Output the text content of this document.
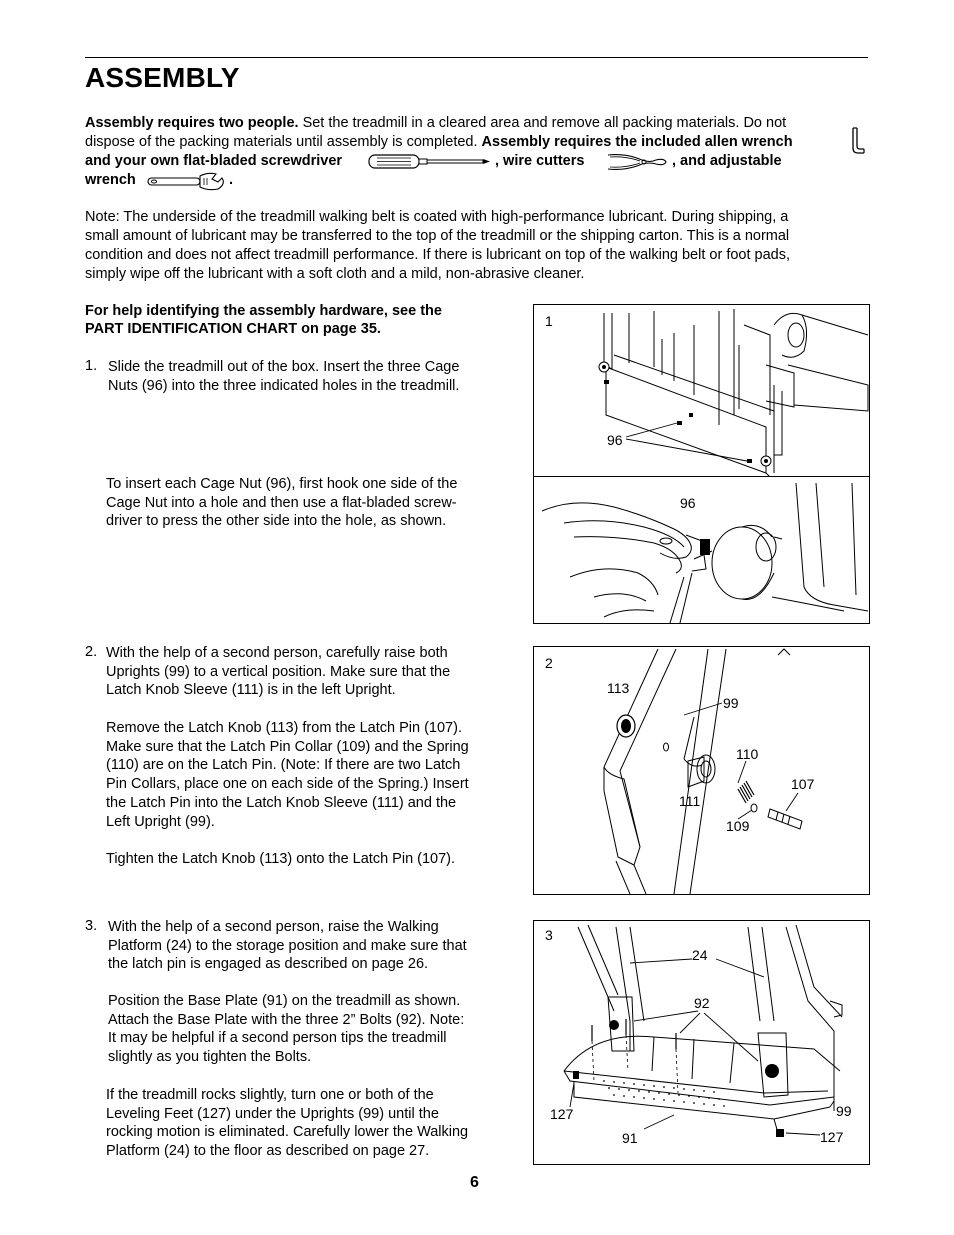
ASSEMBLY
Assembly requires two people. Set the treadmill in a cleared area and remove all packing materials. Do not
dispose of the packing materials until assembly is completed. Assembly requires the included allen wrench
and your own flat-bladed screwdriver	, wire cutters	, and adjustable
wrench	.
Note: The underside of the treadmill walking belt is coated with high-performance lubricant. During shipping, a
small amount of lubricant may be transferred to the top of the treadmill or the shipping carton. This is a normal
condition and does not affect treadmill performance. If there is lubricant on top of the walking belt or foot pads,
simply wipe off the lubricant with a soft cloth and a mild, non-abrasive cleaner.
For help identifying the assembly hardware, see the
PART IDENTIFICATION CHART on page 35.
1. Slide the treadmill out of the box. Insert the three Cage
Nuts (96) into the three indicated holes in the treadmill.
To insert each Cage Nut (96), first hook one side of the
Cage Nut into a hole and then use a flat-bladed screw-
driver to press the other side into the hole, as shown.
2. With the help of a second person, carefully raise both
Uprights (99) to a vertical position. Make sure that the
Latch Knob Sleeve (111) is in the left Upright.
Remove the Latch Knob (113) from the Latch Pin (107).
Make sure that the Latch Pin Collar (109) and the Spring
(110) are on the Latch Pin. (Note: If there are two Latch
Pin Collars, place one on each side of the Spring.) Insert
the Latch Pin into the Latch Knob Sleeve (111) and the
Left Upright (99).
Tighten the Latch Knob (113) onto the Latch Pin (107).
3. With the help of a second person, raise the Walking
Platform (24) to the storage position and make sure that
the latch pin is engaged as described on page 26.
Position the Base Plate (91) on the treadmill as shown.
Attach the Base Plate with the three 2” Bolts (92). Note:
It may be helpful if a second person tips the treadmill
slightly as you tighten the Bolts.
If the treadmill rocks slightly, turn one or both of the
Leveling Feet (127) under the Uprights (99) until the
rocking motion is eliminated. Carefully lower the Walking
Platform (24) to the floor as described on page 27.
1
96
96
2
113
99
110
107
111
109
3
24
92
127	99
91	127
6
